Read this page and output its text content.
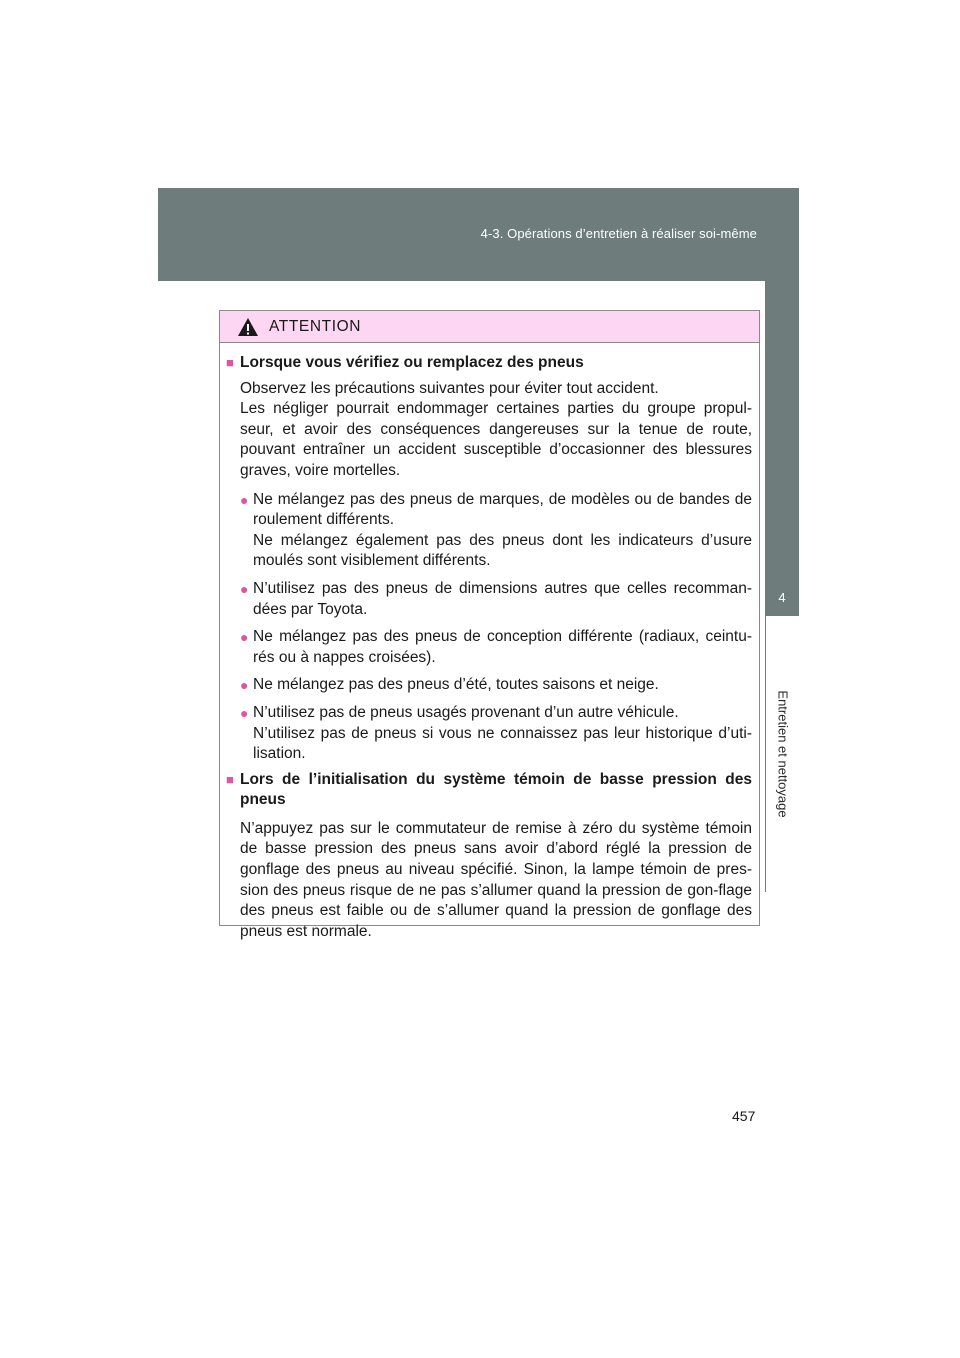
4-3. Opérations d’entretien à réaliser soi-même
4
Entretien et nettoyage
ATTENTION
■ Lorsque vous vérifiez ou remplacez des pneus
Observez les précautions suivantes pour éviter tout accident.
Les négliger pourrait endommager certaines parties du groupe propul-seur, et avoir des conséquences dangereuses sur la tenue de route, pouvant entraîner un accident susceptible d’occasionner des blessures graves, voire mortelles.
● Ne mélangez pas des pneus de marques, de modèles ou de bandes de roulement différents.
Ne mélangez également pas des pneus dont les indicateurs d’usure moulés sont visiblement différents.
● N’utilisez pas des pneus de dimensions autres que celles recomman-dées par Toyota.
● Ne mélangez pas des pneus de conception différente (radiaux, ceintu-rés ou à nappes croisées).
● Ne mélangez pas des pneus d’été, toutes saisons et neige.
● N’utilisez pas de pneus usagés provenant d’un autre véhicule.
N’utilisez pas de pneus si vous ne connaissez pas leur historique d’uti-lisation.
■ Lors de l’initialisation du système témoin de basse pression des pneus
N’appuyez pas sur le commutateur de remise à zéro du système témoin de basse pression des pneus sans avoir d’abord réglé la pression de gonflage des pneus au niveau spécifié. Sinon, la lampe témoin de pres-sion des pneus risque de ne pas s’allumer quand la pression de gon-flage des pneus est faible ou de s’allumer quand la pression de gonflage des pneus est normale.
457
